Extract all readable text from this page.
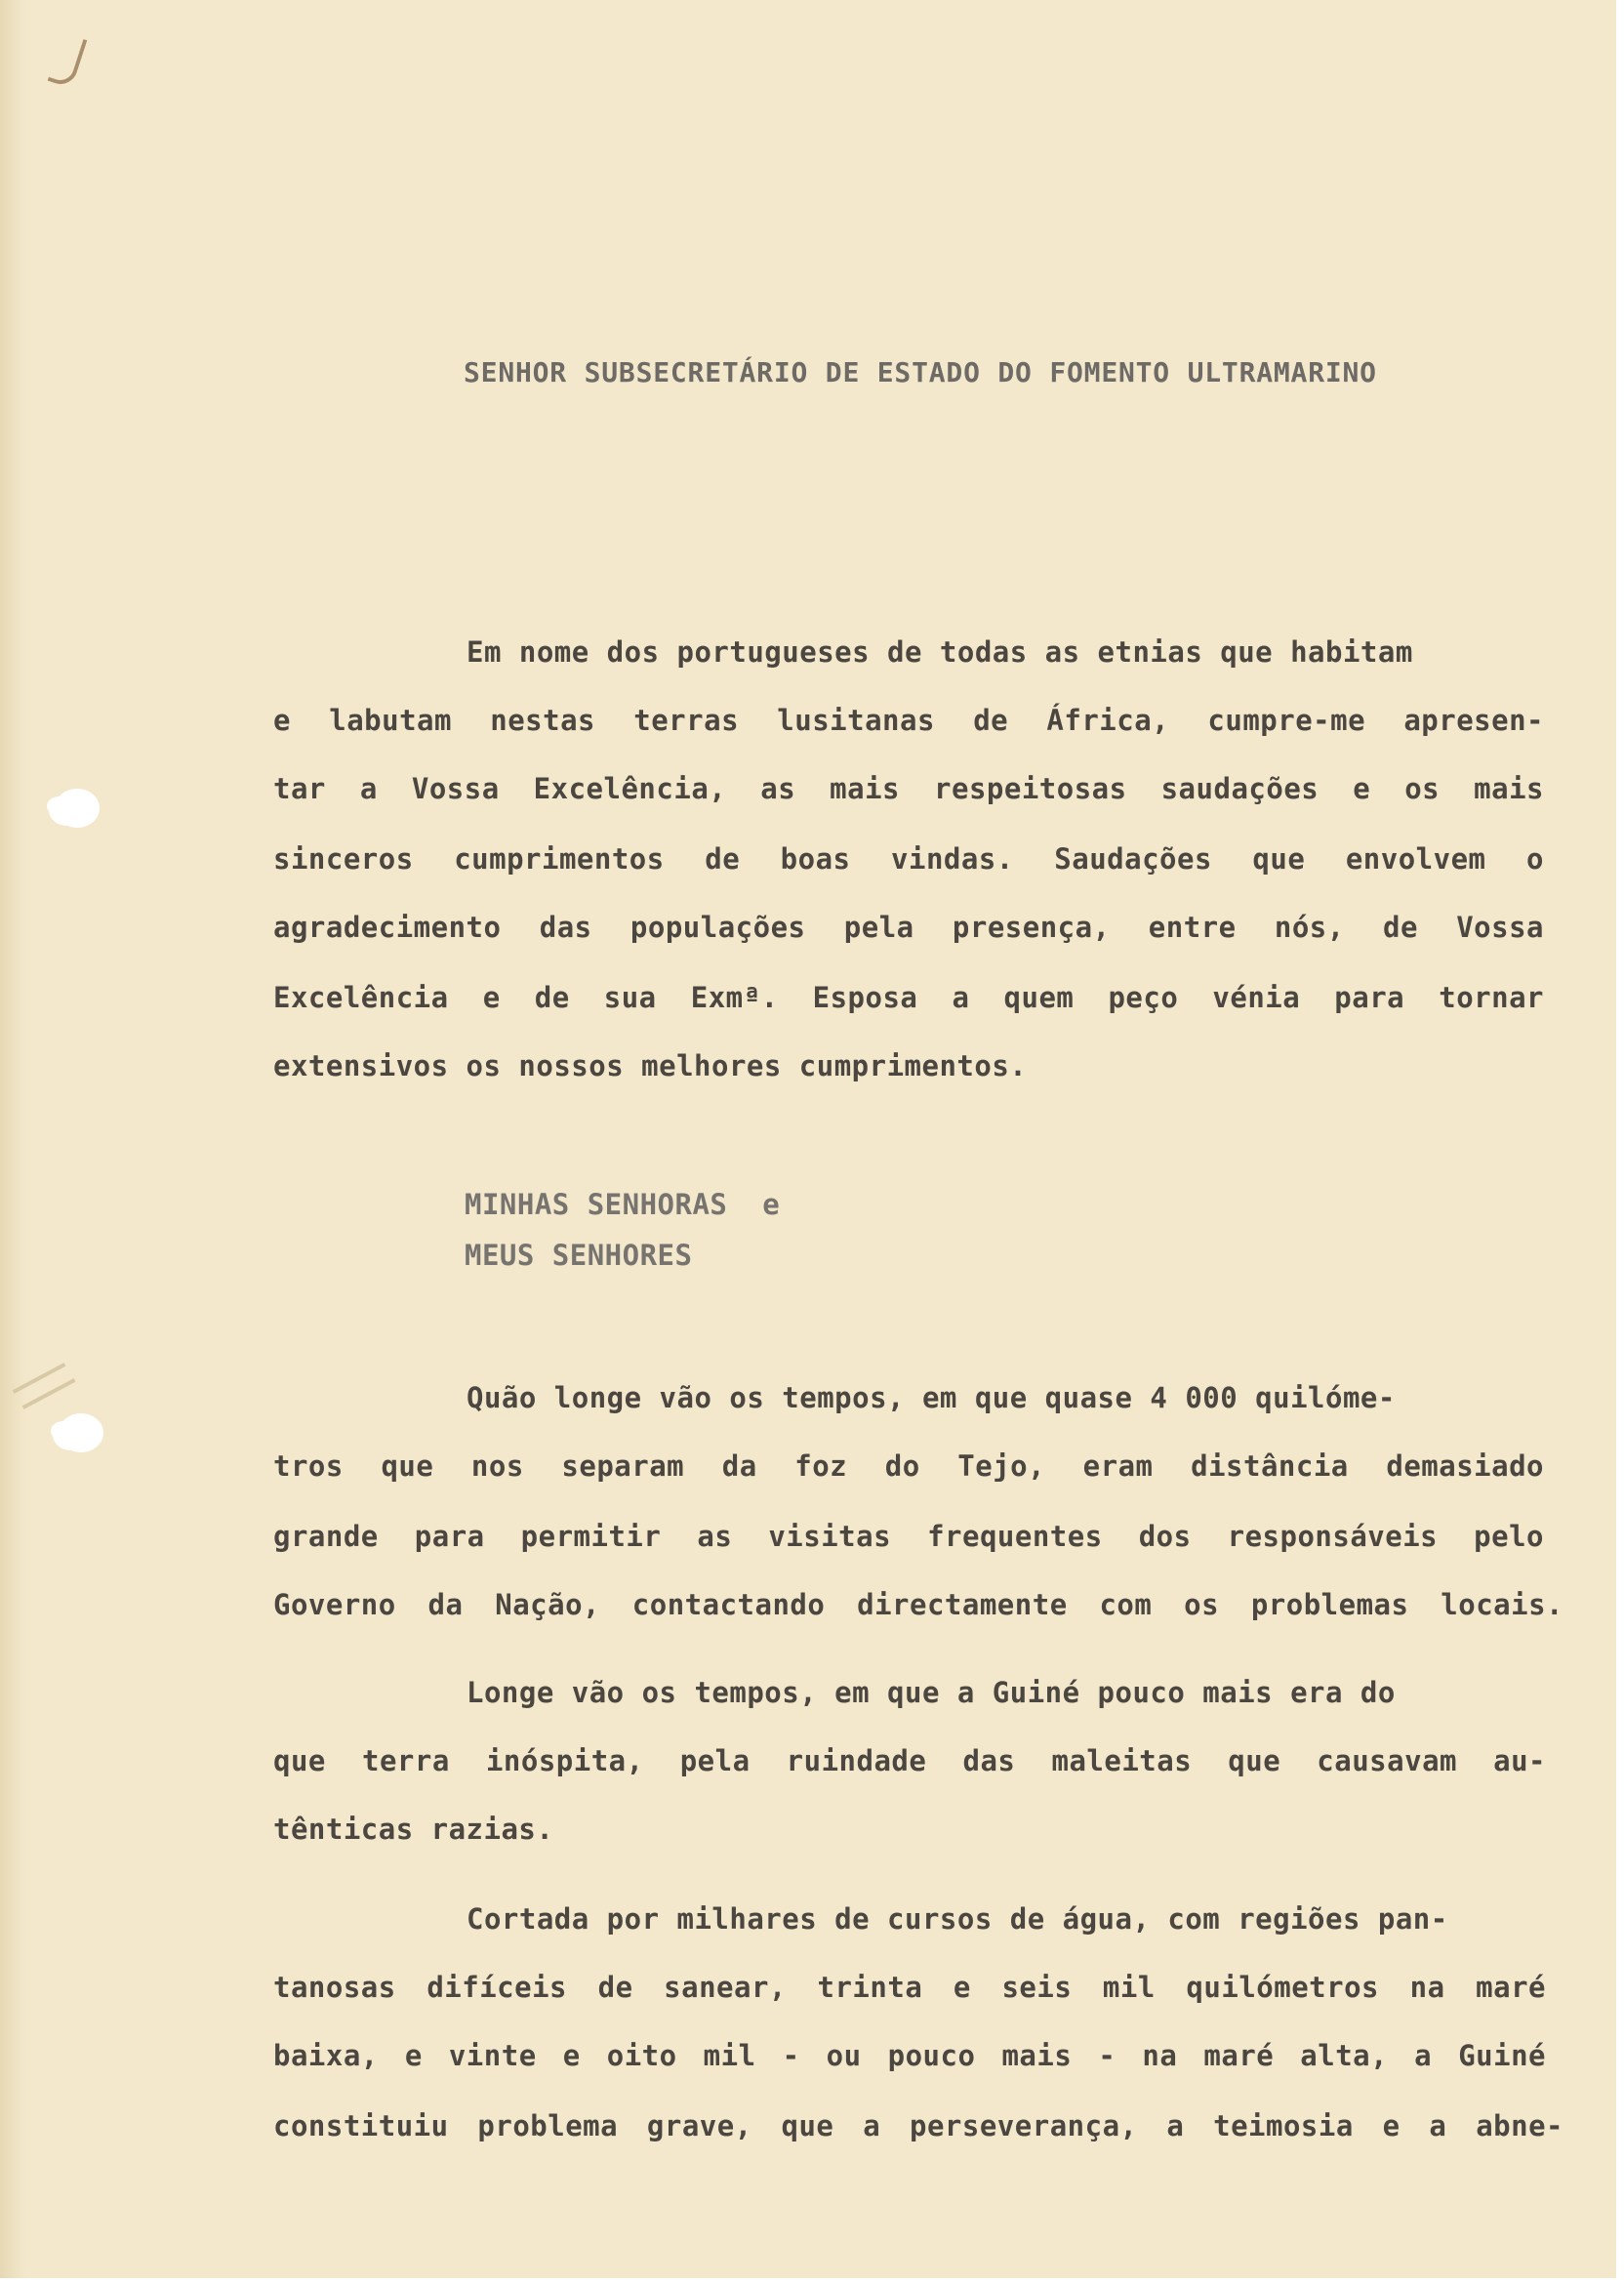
SENHOR SUBSECRETÁRIO DE ESTADO DO FOMENTO ULTRAMARINO
Em nome dos portugueses de todas as etnias que habitam
e labutam nestas terras lusitanas de África, cumpre-me apresen-
tar a Vossa Excelência, as mais respeitosas saudações e os mais
sinceros cumprimentos de boas vindas. Saudações que envolvem o
agradecimento das populações pela presença, entre nós, de Vossa
Excelência e de sua Exmª. Esposa a quem peço vénia para tornar
extensivos os nossos melhores cumprimentos.
MINHAS SENHORAS  e
MEUS SENHORES
Quão longe vão os tempos, em que quase 4 000 quilóme-
tros que nos separam da foz do Tejo, eram distância demasiado
grande para permitir as visitas frequentes dos responsáveis pelo
Governo da Nação, contactando directamente com os problemas locais.
Longe vão os tempos, em que a Guiné pouco mais era do
que terra inóspita, pela ruindade das maleitas que causavam au-
tênticas razias.
Cortada por milhares de cursos de água, com regiões pan-
tanosas difíceis de sanear, trinta e seis mil quilómetros na maré
baixa, e vinte e oito mil - ou pouco mais - na maré alta, a Guiné
constituiu problema grave, que a perseverança, a teimosia e a abne-
